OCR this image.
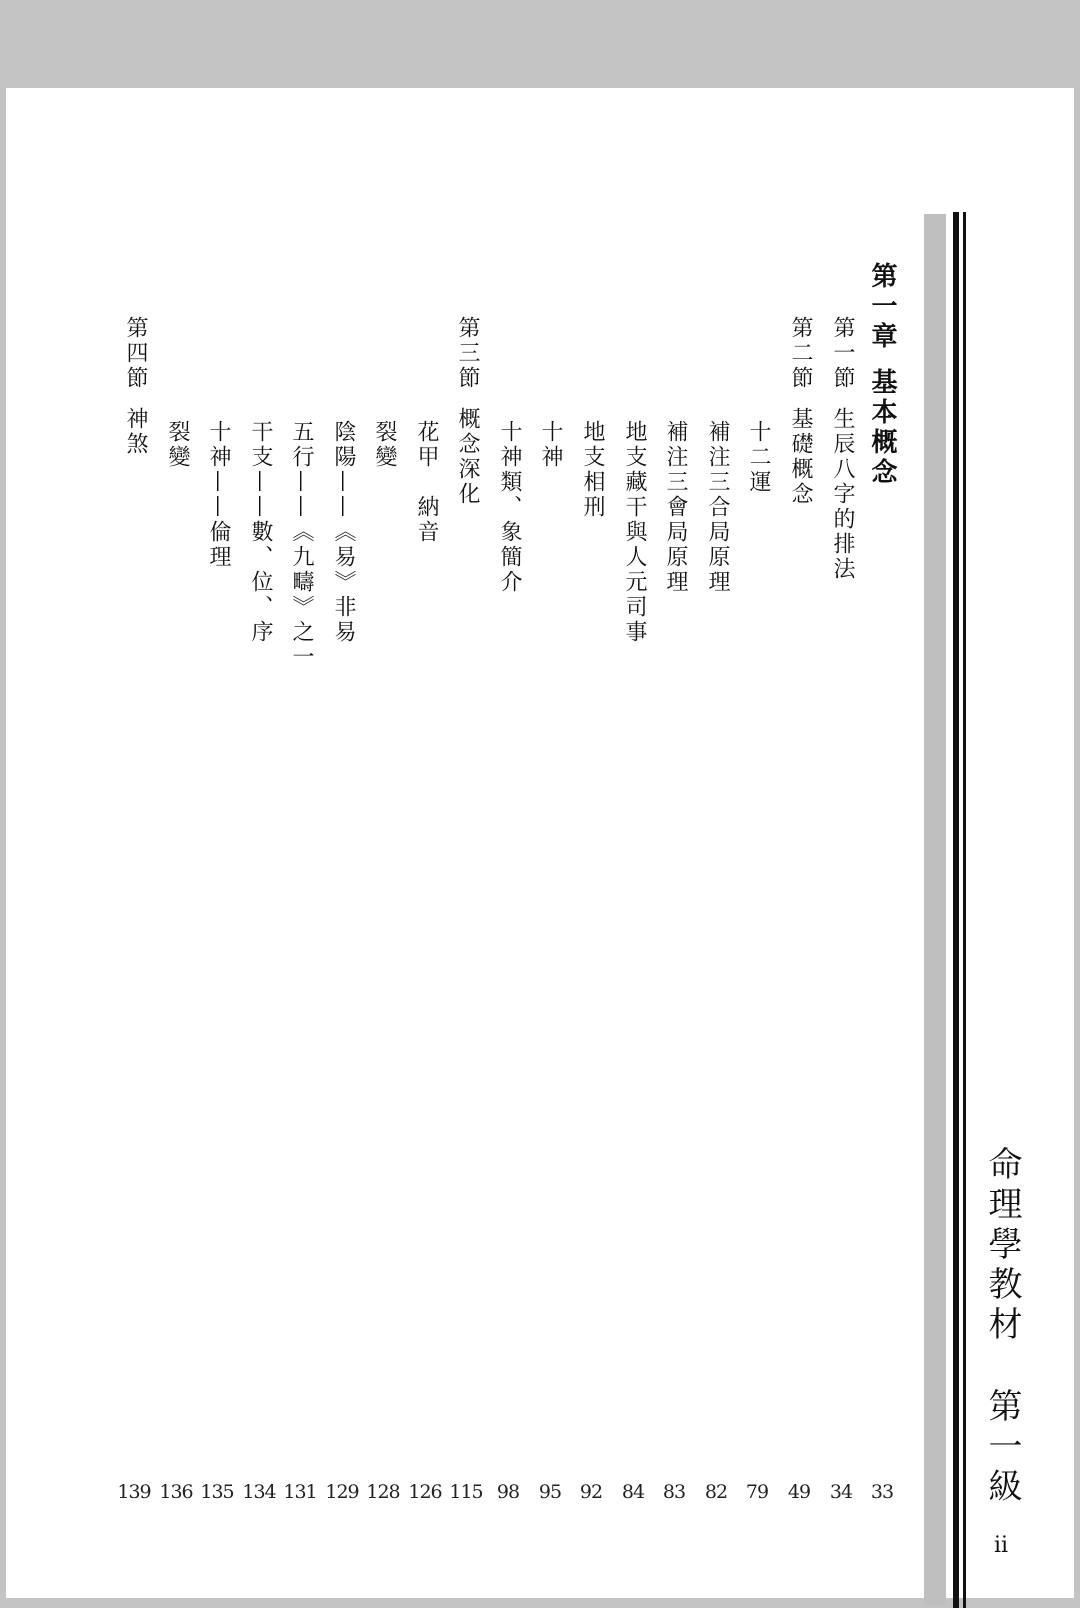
命理學教材第一級
ii
第一章基本概念
第一節生辰八字的排法
第二節基礎概念
十二運
補注三合局原理
補注三會局原理
地支藏干與人元司事
地支相刑
十神
十神類、象簡介
第三節概念深化
花甲　納音
裂變
陰陽——《易》非易
五行——《九疇》之一
干支——數、位、序
十神——倫理
裂變
第四節神煞
33
34
49
79
82
83
84
92
95
98
115
126
128
129
131
134
135
136
139
